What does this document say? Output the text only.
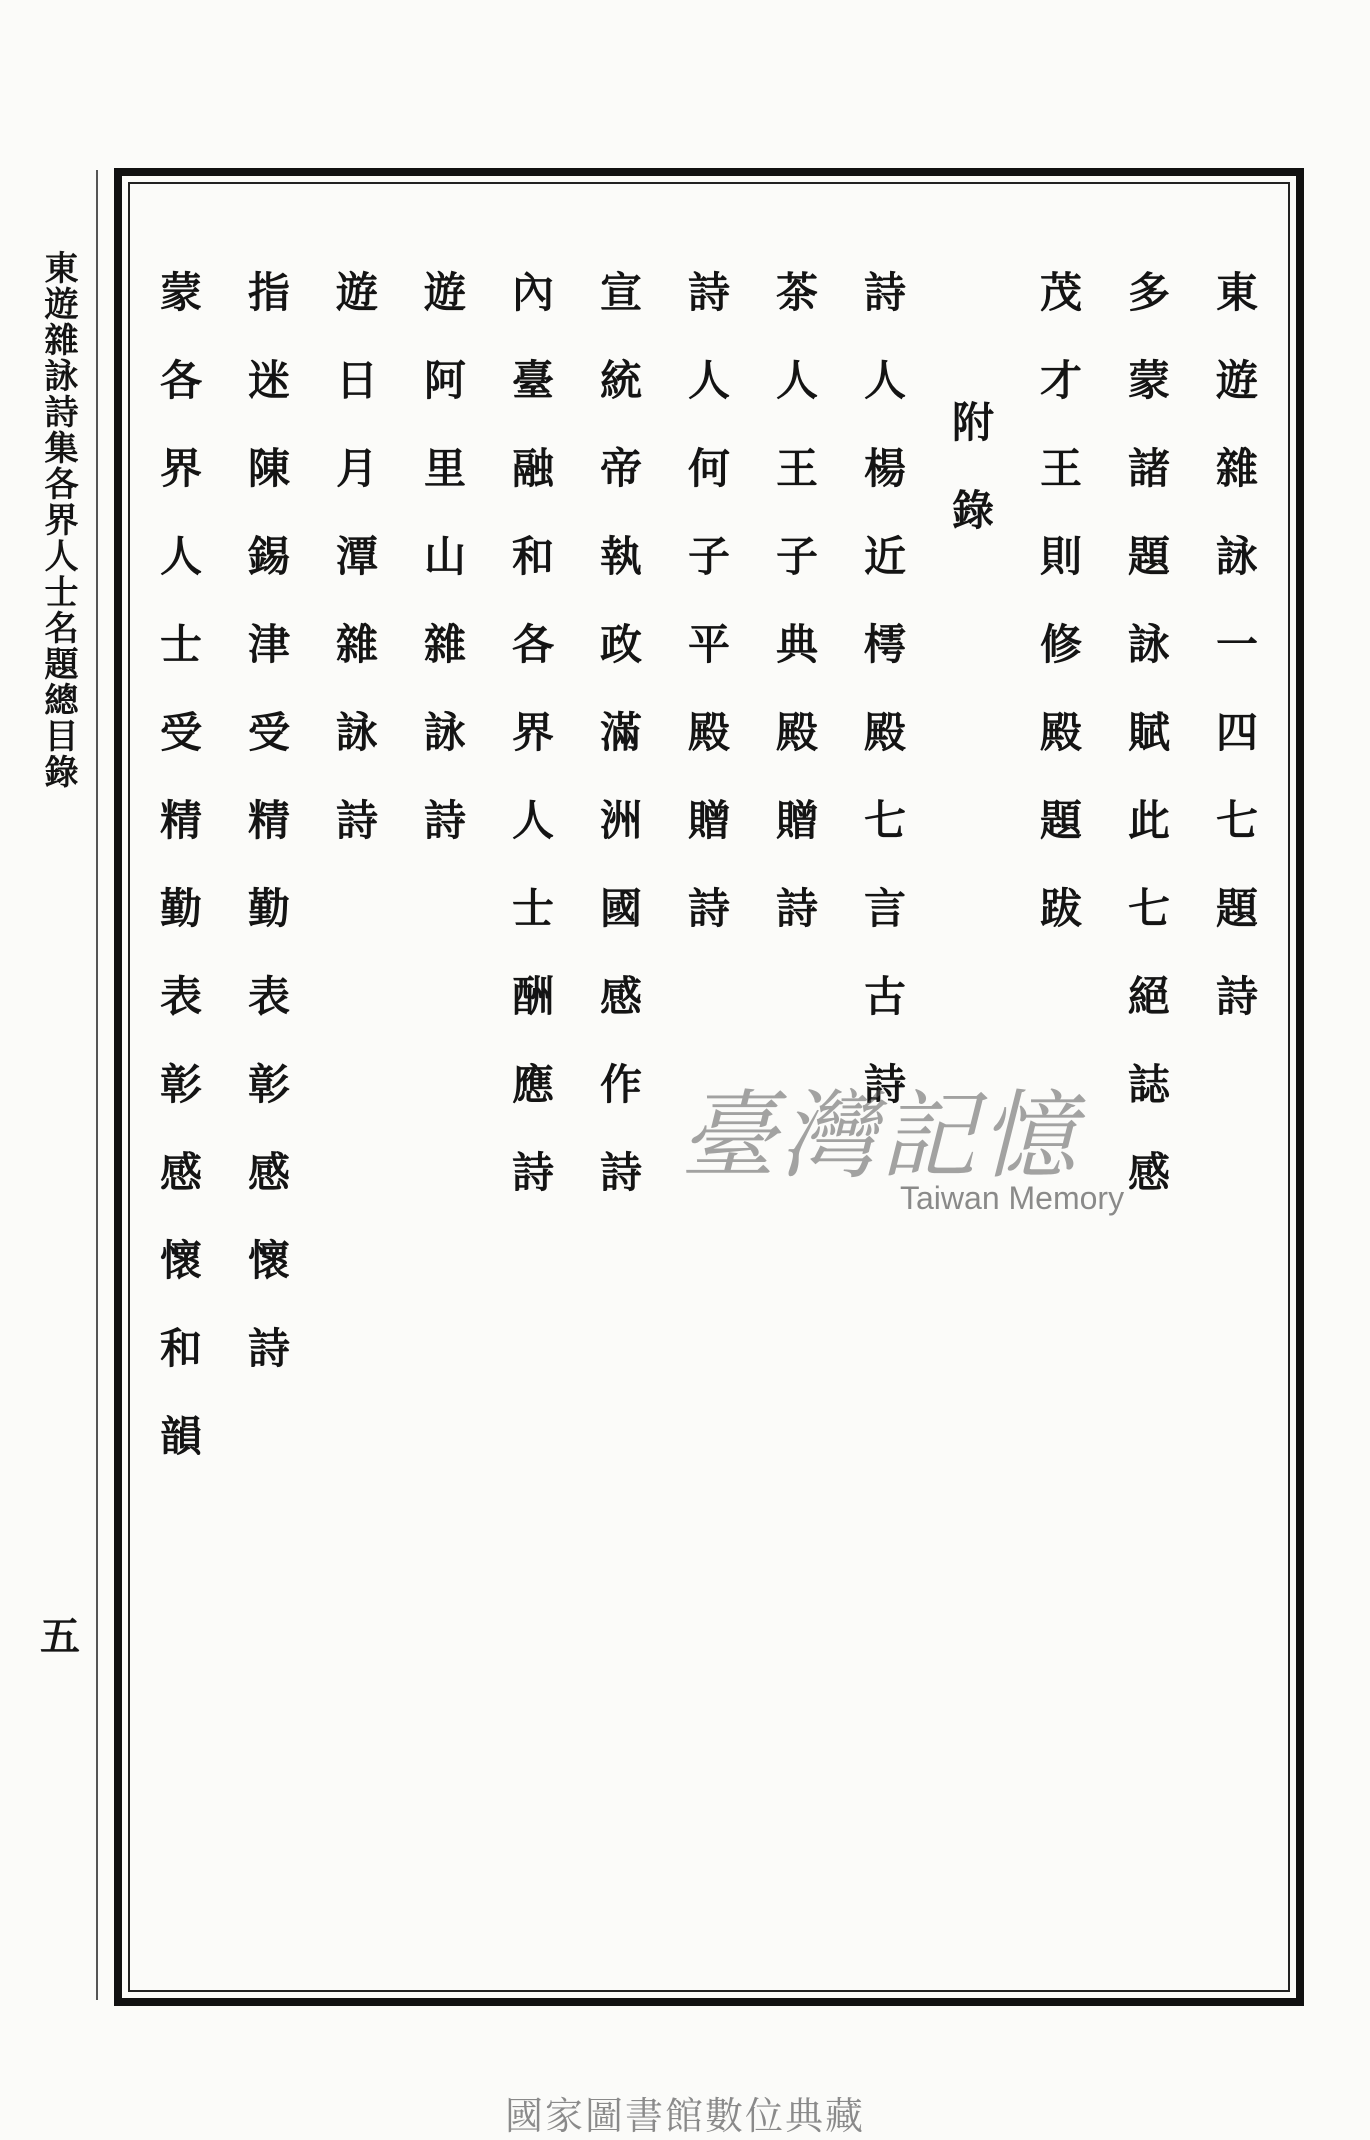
東遊雜詠詩集各界人士名題總目錄
五
東遊雜詠一四七題詩
多蒙諸題詠賦此七絕誌感
茂才王則修殿題跋
附錄
詩人楊近樗殿七言古詩
茶人王子典殿贈詩
詩人何子平殿贈詩
宣統帝執政滿洲國感作詩
內臺融和各界人士酬應詩
遊阿里山雜詠詩
遊日月潭雜詠詩
指迷陳錫津受精勤表彰感懷詩
蒙各界人士受精勤表彰感懷和韻	臺灣記憶
Taiwan Memory
國家圖書館數位典藏
